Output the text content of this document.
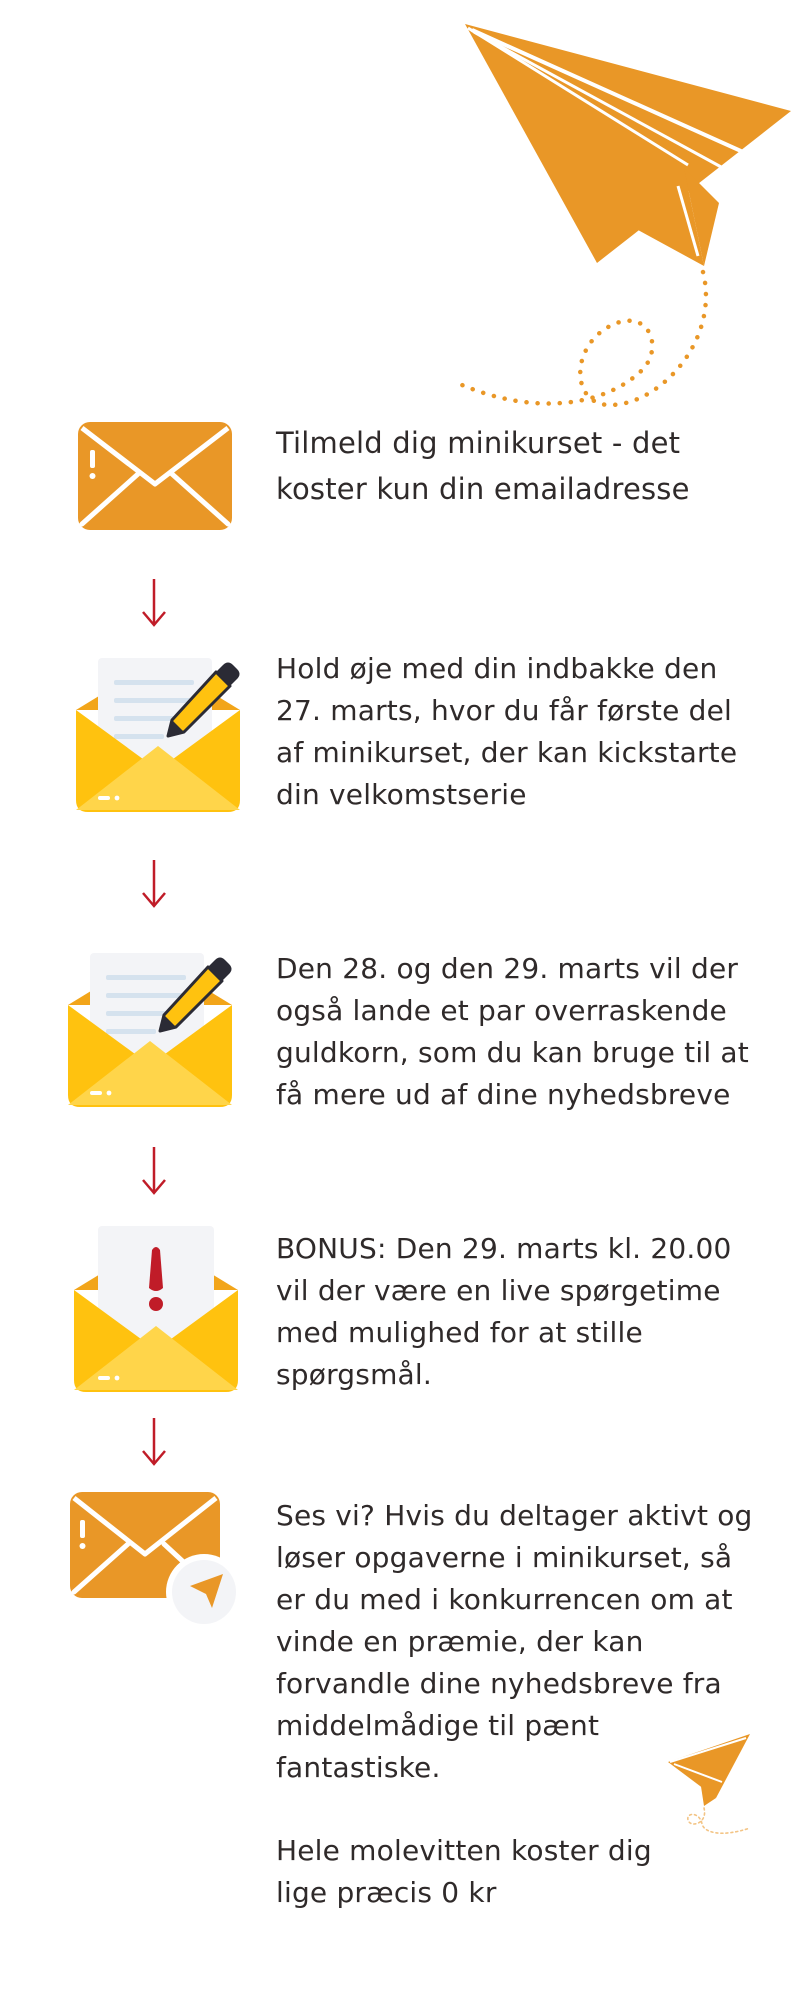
Tilmeld dig minikurset - det koster kun din emailadresse
Hold øje med din indbakke den 27. marts, hvor du får første del af minikurset, der kan kickstarte din velkomstserie
Den 28. og den 29. marts vil der også lande et par overraskende guldkorn, som du kan bruge til at få mere ud af dine nyhedsbreve
BONUS: Den 29. marts kl. 20.00 vil der være en live spørgetime med mulighed for at stille spørgsmål.
Ses vi? Hvis du deltager aktivt og løser opgaverne i minikurset, så er du med i konkurrencen om at vinde en præmie, der kan forvandle dine nyhedsbreve fra middelmådige til pænt fantastiske.
Hele molevitten koster dig
lige præcis 0 kr
